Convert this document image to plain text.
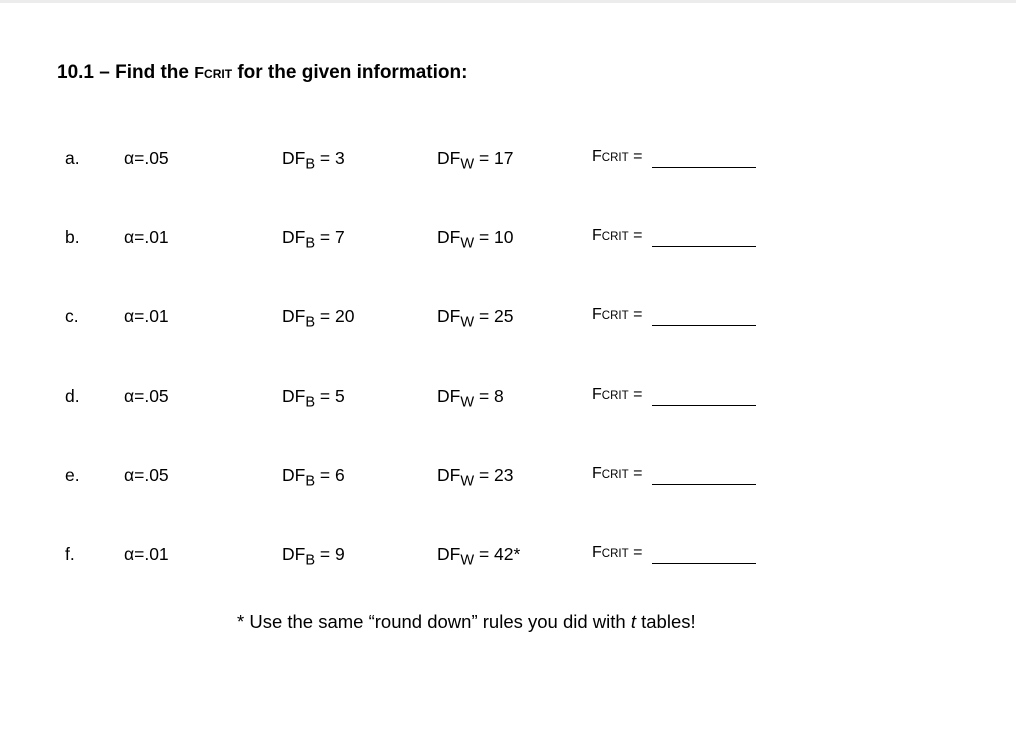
10.1 – Find the FCRIT for the given information:
a.	α=.05	$DF_B = 3$	$DF_W = 17$	FCRIT =
b.	α=.01	$DF_B = 7$	$DF_W = 10$	FCRIT =
c.	α=.01	$DF_B = 20$	$DF_W = 25$	FCRIT =
d.	α=.05	$DF_B = 5$	$DF_W = 8$	FCRIT =
e.	α=.05	$DF_B = 6$	$DF_W = 23$	FCRIT =
f.	α=.01	$DF_B = 9$	$DF_W = 42*$	FCRIT =
* Use the same “round down” rules you did with t tables!
